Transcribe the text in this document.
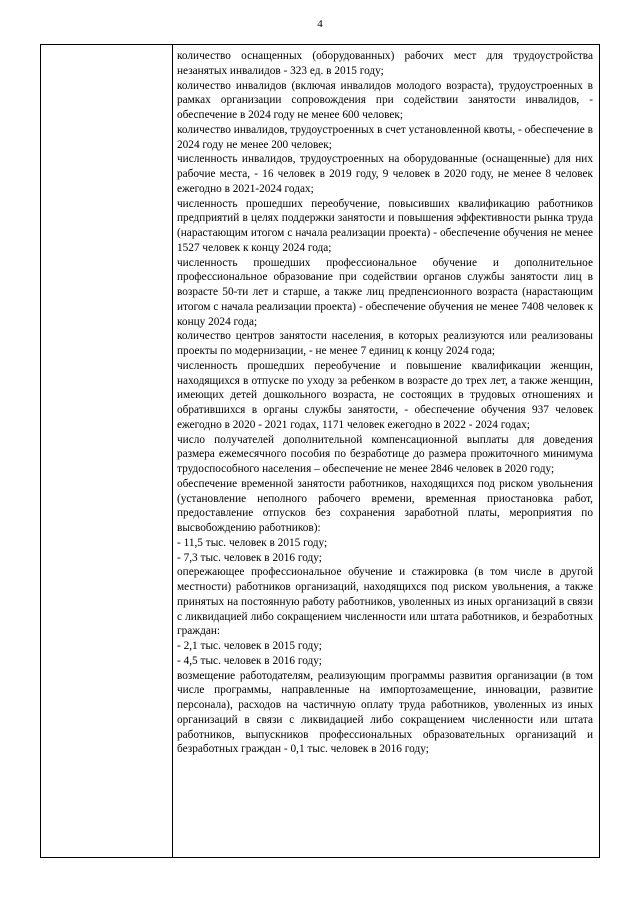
4

количество оснащенных (оборудованных) рабочих мест для трудоустройства незанятых инвалидов - 323 ед. в 2015 году;

количество инвалидов (включая инвалидов молодого возраста), трудоустроенных в рамках организации сопровождения при содействии занятости инвалидов, - обеспечение в 2024 году не менее 600 человек;

количество инвалидов, трудоустроенных в счет установленной квоты, - обеспечение в 2024 году не менее 200 человек;

численность инвалидов, трудоустроенных на оборудованные (оснащенные) для них рабочие места, - 16 человек в 2019 году, 9 человек в 2020 году, не менее 8 человек ежегодно в 2021-2024 годах;

численность прошедших переобучение, повысивших квалификацию работников предприятий в целях поддержки занятости и повышения эффективности рынка труда (нарастающим итогом с начала реализации проекта) - обеспечение обучения не менее 1527 человек к концу 2024 года;

численность прошедших профессиональное обучение и дополнительное профессиональное образование при содействии органов службы занятости лиц в возрасте 50-ти лет и старше, а также лиц предпенсионного возраста (нарастающим итогом с начала реализации проекта) - обеспечение обучения не менее 7408 человек к концу 2024 года;

количество центров занятости населения, в которых реализуются или реализованы проекты по модернизации, - не менее 7 единиц к концу 2024 года;

численность прошедших переобучение и повышение квалификации женщин, находящихся в отпуске по уходу за ребенком в возрасте до трех лет, а также женщин, имеющих детей дошкольного возраста, не состоящих в трудовых отношениях и обратившихся в органы службы занятости, - обеспечение обучения 937 человек ежегодно в 2020 - 2021 годах, 1171 человек ежегодно в 2022 - 2024 годах;

число получателей дополнительной компенсационной выплаты для доведения размера ежемесячного пособия по безработице до размера прожиточного минимума трудоспособного населения – обеспечение не менее 2846 человек в 2020 году;

обеспечение временной занятости работников, находящихся под риском увольнения (установление неполного рабочего времени, временная приостановка работ, предоставление отпусков без сохранения заработной платы, мероприятия по высвобождению работников):

- 11,5 тыс. человек в 2015 году;

- 7,3 тыс. человек в 2016 году;

опережающее профессиональное обучение и стажировка (в том числе в другой местности) работников организаций, находящихся под риском увольнения, а также принятых на постоянную работу работников, уволенных из иных организаций в связи с ликвидацией либо сокращением численности или штата работников, и безработных граждан:

- 2,1 тыс. человек в 2015 году;

- 4,5 тыс. человек в 2016 году;

возмещение работодателям, реализующим программы развития организации (в том числе программы, направленные на импортозамещение, инновации, развитие персонала), расходов на частичную оплату труда работников, уволенных из иных организаций в связи с ликвидацией либо сокращением численности или штата работников, выпускников профессиональных образовательных организаций и безработных граждан - 0,1 тыс. человек в 2016 году;
